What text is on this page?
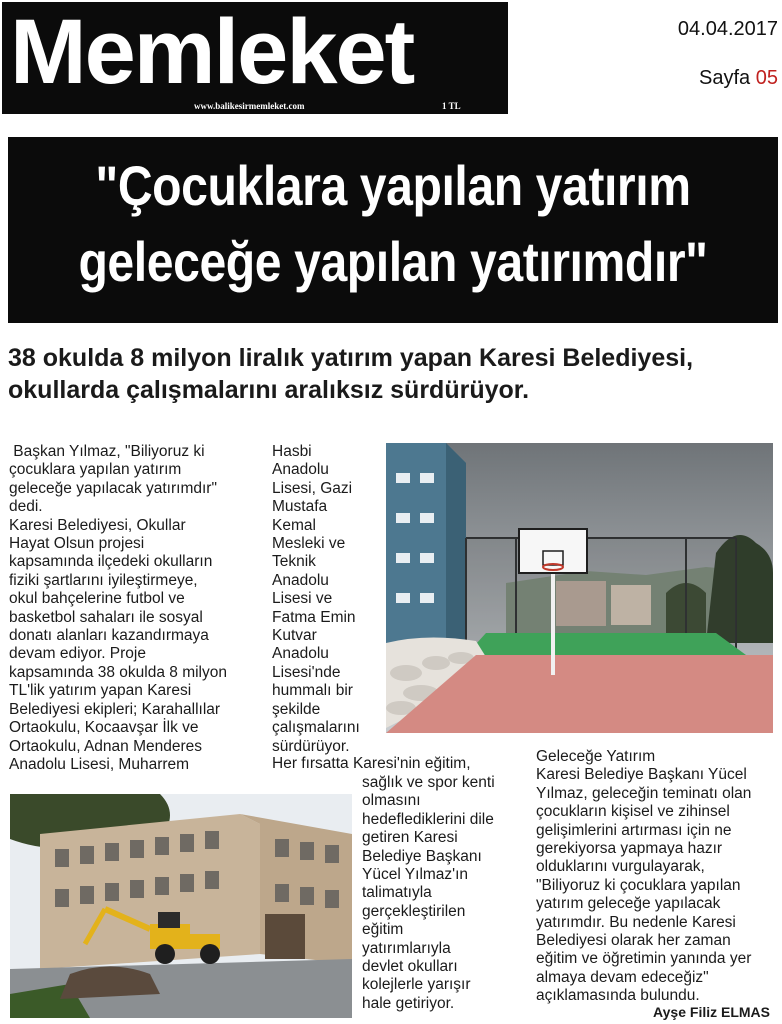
Memleket
www.balikesirmemleket.com	1 TL
04.04.2017
Sayfa 05
"Çocuklara yapılan yatırım
geleceğe yapılan yatırımdır"
38 okulda 8 milyon liralık yatırım yapan Karesi Belediyesi, okullarda çalışmalarını aralıksız sürdürüyor.
Başkan Yılmaz, "Biliyoruz ki
çocuklara yapılan yatırım
geleceğe yapılacak yatırımdır"
dedi.
Karesi Belediyesi, Okullar
Hayat Olsun projesi
kapsamında ilçedeki okulların
fiziki şartlarını iyileştirmeye,
okul bahçelerine futbol ve
basketbol sahaları ile sosyal
donatı alanları kazandırmaya
devam ediyor. Proje
kapsamında 38 okulda 8 milyon
TL'lik yatırım yapan Karesi
Belediyesi ekipleri; Karahallılar
Ortaokulu, Kocaavşar İlk ve
Ortaokulu, Adnan Menderes
Anadolu Lisesi, Muharrem
Hasbi
Anadolu
Lisesi, Gazi
Mustafa
Kemal
Mesleki ve
Teknik
Anadolu
Lisesi ve
Fatma Emin
Kutvar
Anadolu
Lisesi'nde
hummalı bir
şekilde
çalışmalarını
sürdürüyor.
Her fırsatta Karesi'nin eğitim,
sağlık ve spor kenti
olmasını
hedeflediklerini dile
getiren Karesi
Belediye Başkanı
Yücel Yılmaz'ın
talimatıyla
gerçekleştirilen
eğitim
yatırımlarıyla
devlet okulları
kolejlerle yarışır
hale getiriyor.
Geleceğe Yatırım
Karesi Belediye Başkanı Yücel
Yılmaz, geleceğin teminatı olan
çocukların kişisel ve zihinsel
gelişimlerini artırması için ne
gerekiyorsa yapmaya hazır
olduklarını vurgulayarak,
"Biliyoruz ki çocuklara yapılan
yatırım geleceğe yapılacak
yatırımdır. Bu nedenle Karesi
Belediyesi olarak her zaman
eğitim ve öğretimin yanında yer
almaya devam edeceğiz"
açıklamasında bulundu.
Ayşe Filiz ELMAS
